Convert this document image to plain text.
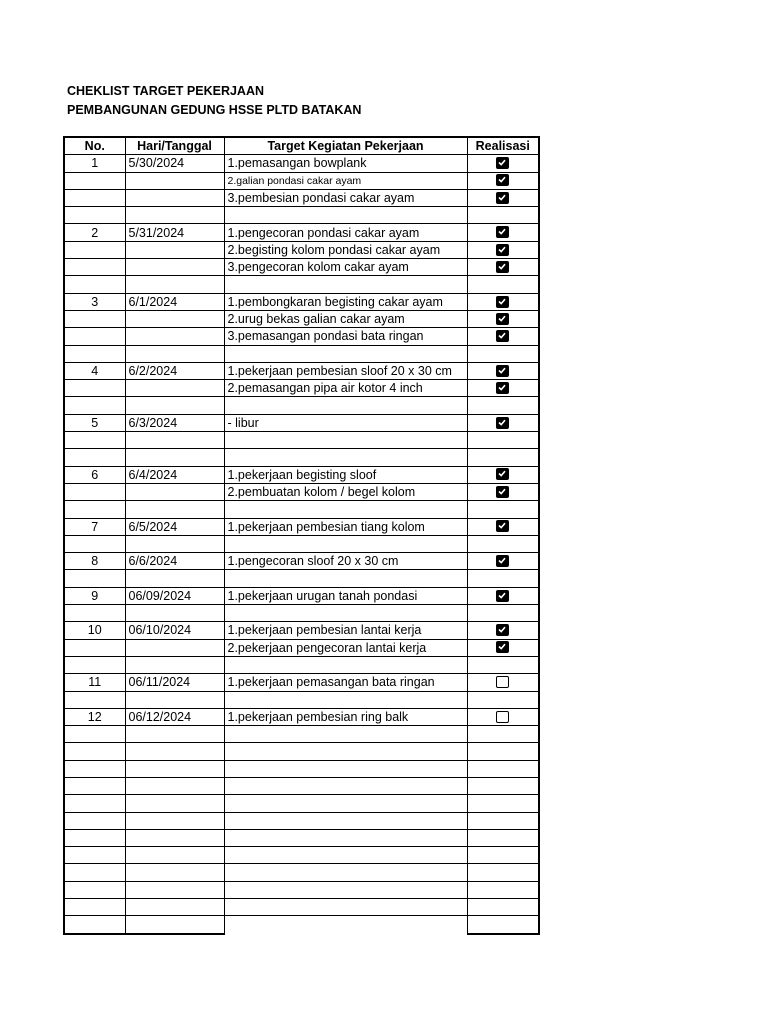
CHEKLIST TARGET PEKERJAAN
PEMBANGUNAN GEDUNG HSSE PLTD BATAKAN
No.	Hari/Tanggal	Target Kegiatan Pekerjaan	Realisasi
1	5/30/2024	1.pemasangan bowplank	

		2.galian pondasi cakar ayam	

		3.pembesian pondasi cakar ayam	

2	5/31/2024	1.pengecoran pondasi cakar ayam	

		2.begisting kolom pondasi cakar ayam	

		3.pengecoran kolom cakar ayam	

3	6/1/2024	1.pembongkaran begisting cakar ayam	

		2.urug bekas galian cakar ayam	

		3.pemasangan pondasi bata ringan	

4	6/2/2024	1.pekerjaan pembesian sloof 20 x 30 cm	

		2.pemasangan pipa air kotor 4 inch	

5	6/3/2024	- libur	

6	6/4/2024	1.pekerjaan begisting sloof	

		2.pembuatan kolom / begel kolom	

7	6/5/2024	1.pekerjaan pembesian tiang kolom	

8	6/6/2024	1.pengecoran sloof 20 x 30 cm	

9	06/09/2024	1.pekerjaan urugan tanah pondasi	

10	06/10/2024	1.pekerjaan pembesian lantai kerja	

		2.pekerjaan pengecoran lantai kerja	

11	06/11/2024	1.pekerjaan pemasangan bata ringan	

12	06/12/2024	1.pekerjaan pembesian ring balk	
